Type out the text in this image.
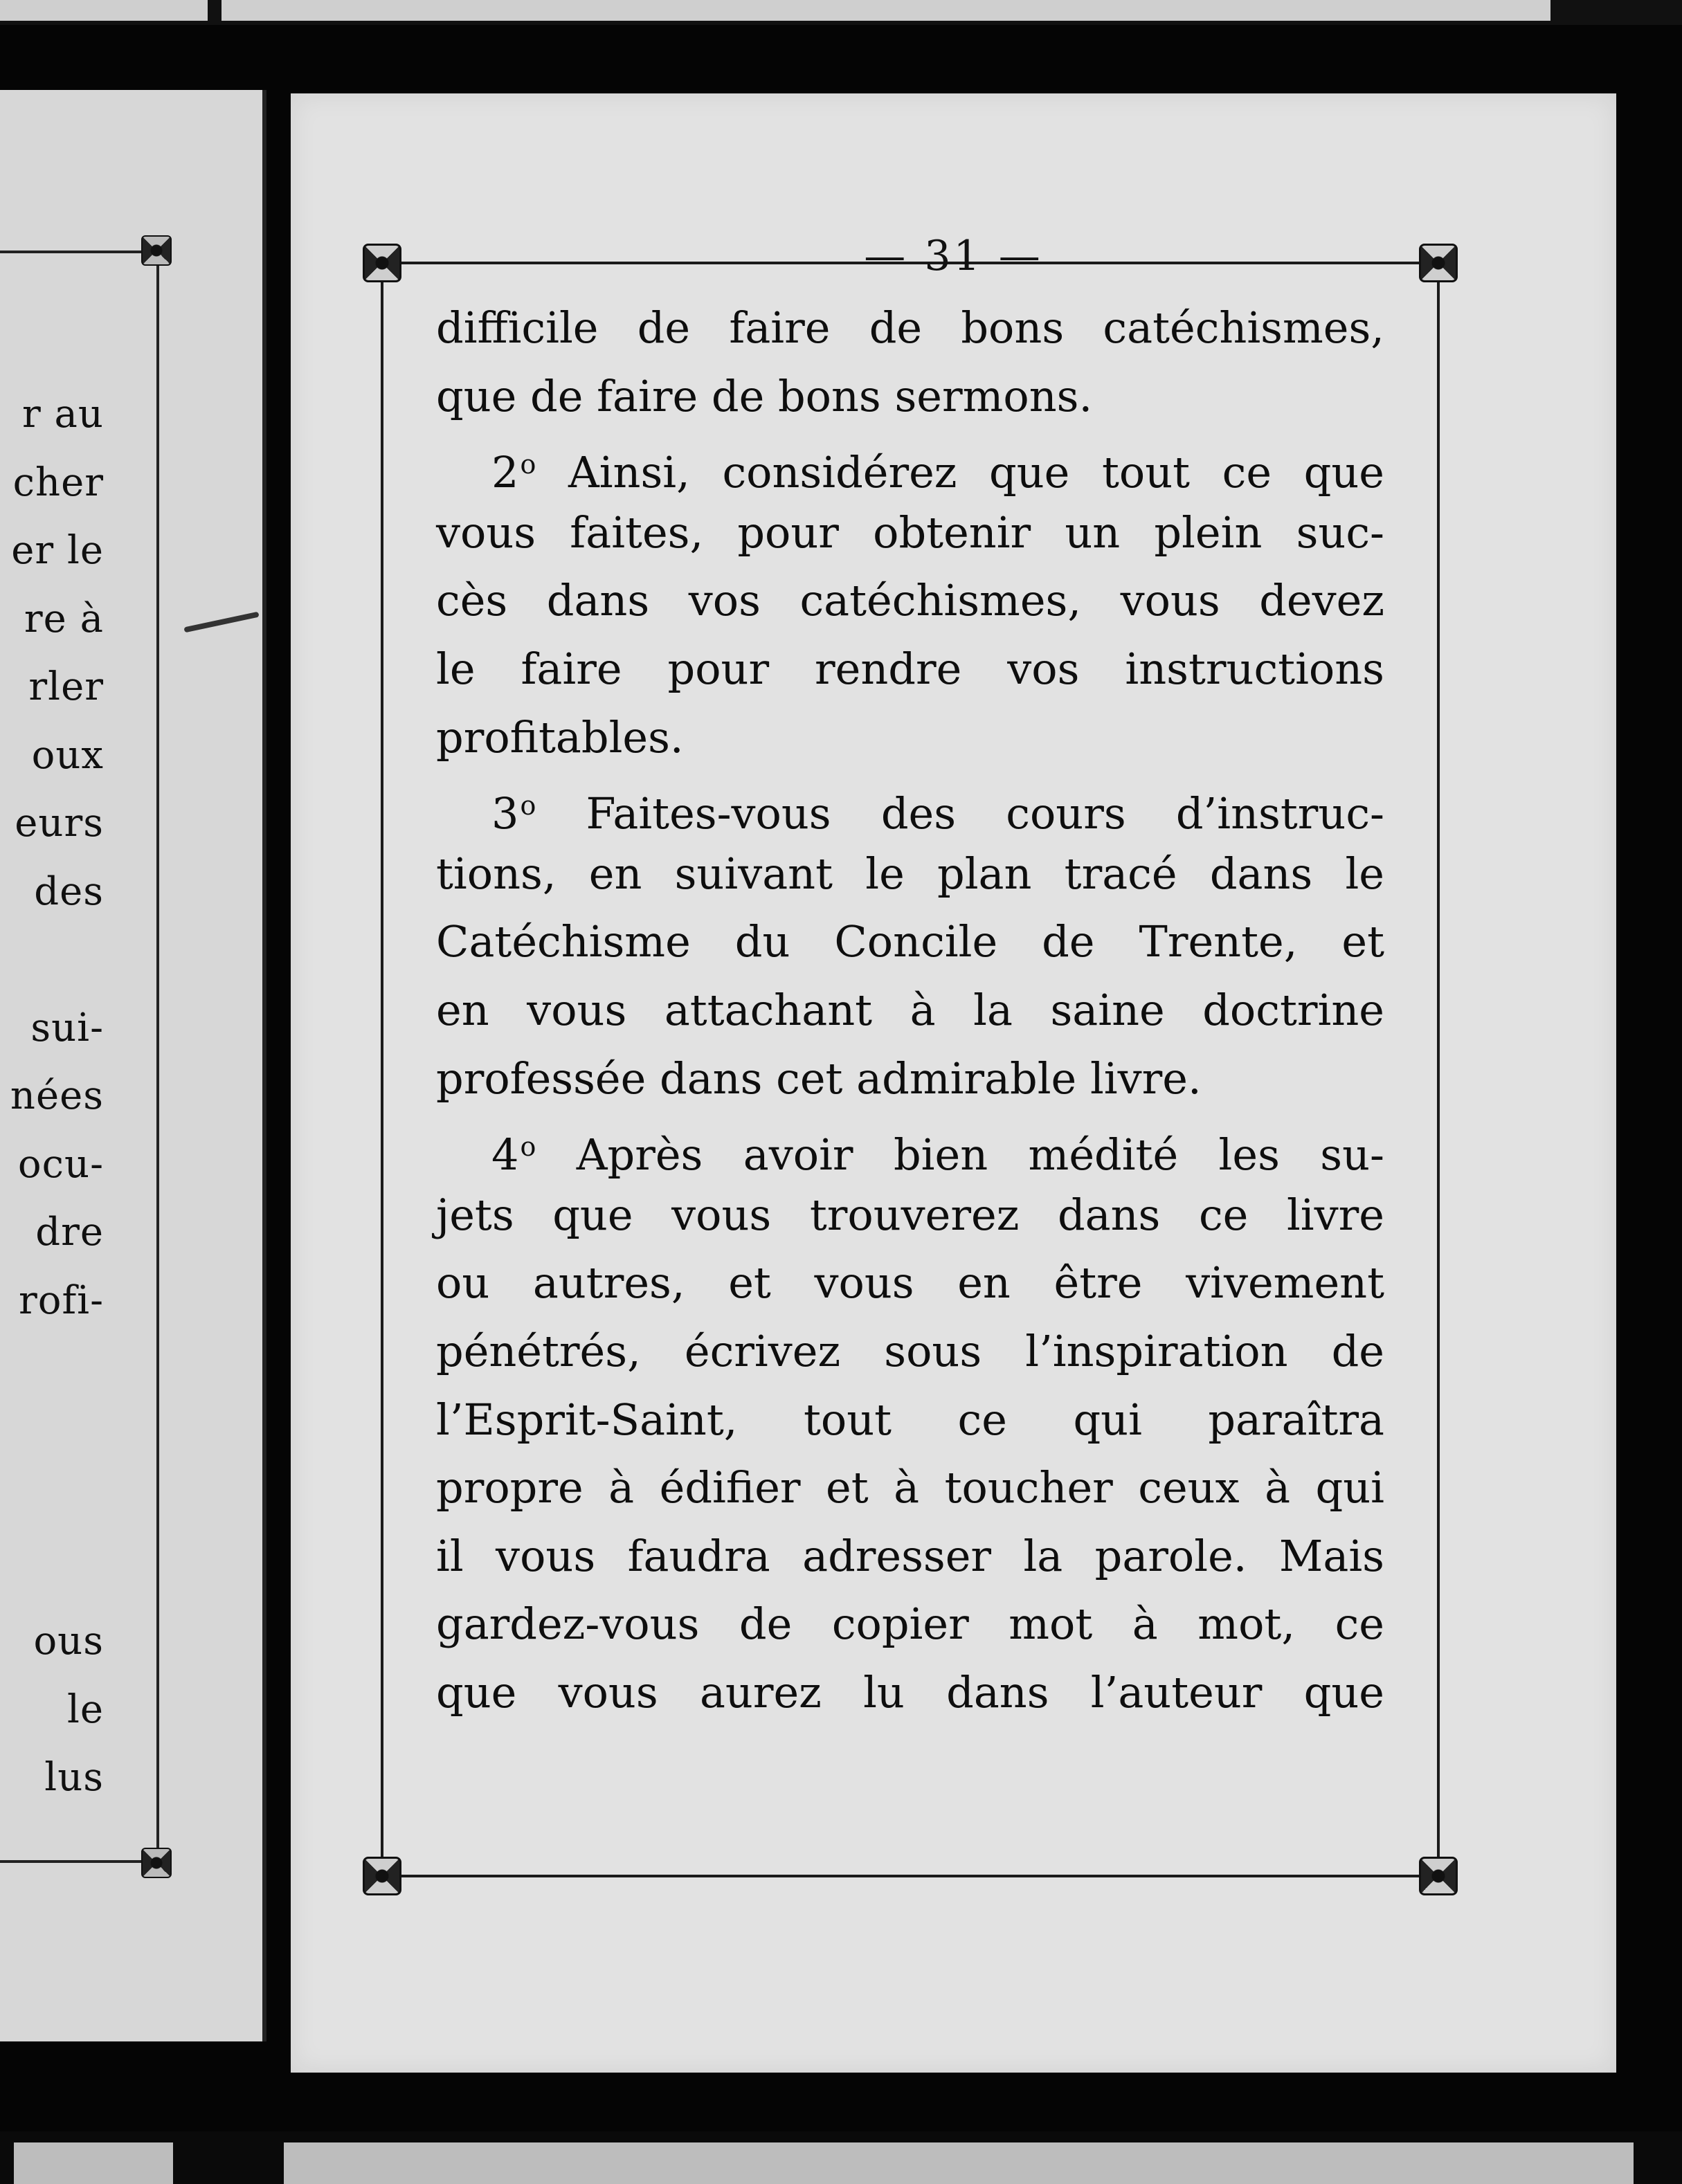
r au
cher
er le
re à
rler
oux
eurs
des
sui-
nées
ocu-
dre
rofi-
ous
le
lus
— 31 —
difficile de faire de bons catéchismes,
que de faire de bons sermons.
2$^o$ Ainsi, considérez que tout ce que
vous faites, pour obtenir un plein suc-
cès dans vos catéchismes, vous devez
le faire pour rendre vos instructions
profitables.
3$^o$ Faites-vous des cours d’instruc-
tions, en suivant le plan tracé dans le
Catéchisme du Concile de Trente, et
en vous attachant à la saine doctrine
professée dans cet admirable livre.
4$^o$ Après avoir bien médité les su-
jets que vous trouverez dans ce livre
ou autres, et vous en être vivement
pénétrés, écrivez sous l’inspiration de
l’Esprit-Saint, tout ce qui paraîtra
propre à édifier et à toucher ceux à qui
il vous faudra adresser la parole. Mais
gardez-vous de copier mot à mot, ce
que vous aurez lu dans l’auteur que
